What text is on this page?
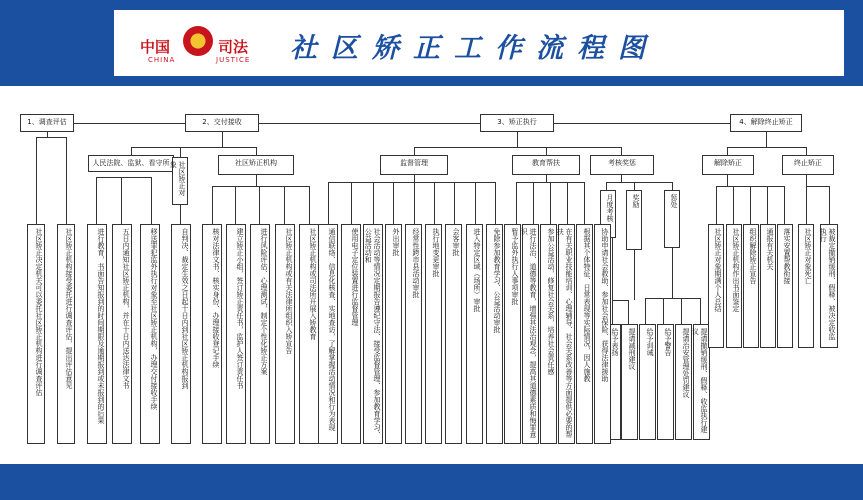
中国	司法
CHINA	JUSTICE 社区矫正工作流程图
1、调查评估	2、交付接收	3、矫正执行	4、解除终止矫正
人民法院、监狱、看守所	社区矫正对象	社区矫正机构	监督管理	教育帮扶	考核奖惩	解除矫正	终止矫正
月度考核	奖励	惩处
社区矫正决定机关可以委托社区矫正机构进行调查评估	社区矫正机构接受委托进行调查评估，提出评估意见	进行教育，书面告知报到的时间期限及逾期报到或未报到的后果	五日内通知社区矫正机构，并在十日内送达法律文书	移送罪犯监外执行对象至社区矫正机构，办理交付接收手续	自判决、裁定生效之日起十日内到社区矫正机构报到	核对法律文书、核实身份、办理接收登记手续	建立矫正小组，签订矫正责任书，监护人签订责任书	进行风险评估、心理测试，制定个性化矫正方案	社区矫正机构或有关法律所组织入矫宣告	社区矫正机构或司法所开展入矫教育	通信联络、信息化核查、实地查访，了解掌握活动情况和行为表现	使用电子定位装置进行监督管理	社会活动等情况定期报告遵纪守法、接受监督管理、参加教育学习、公益活动和	外出审批	经常性跨市县活动审批	执行地变更审批	会客审批	进入特定区域（场所）审批	免除参加教育学习、公益活动审批	暂予监外执行人事项审批	进行法治、道德等教育，增强其法治观念，提高其道德素质和悔罪意识	参加公益活动，修复社会关系，培养社会责任感	在有关职业技能培训、心理辅导、社会关系改善等方面提供必要的帮扶	根据其个体特征、日常表现等实际情况，因人施教	给予表扬	提请减刑建议	给予训诫	给予警告	提请治安管理处罚建议	提请撤销缓刑、假释、收监执行建议
社区矫正对象期满个人总结	社区矫正机构作出书面鉴定	组织解除矫正宣告	通报有关机关	落实安置帮教衔接	社区矫正对象死亡	被裁定撤销缓刑、假释、被决定收监执行
协助申请社会救助、参加社会保险、获得法律援助
